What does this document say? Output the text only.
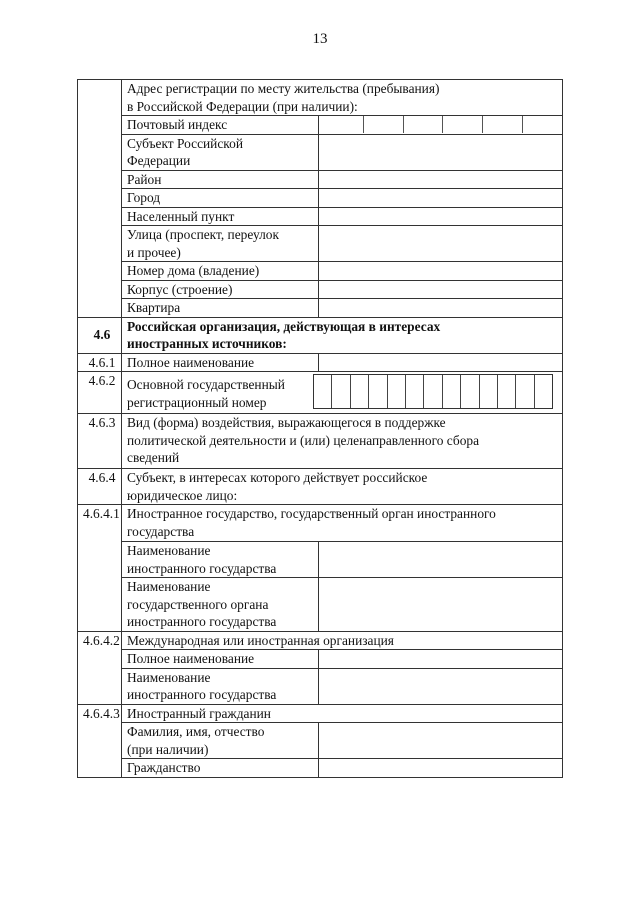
13

	Адрес регистрации по месту жительства (пребывания)
в Российской Федерации (при наличии):	

	Почтовый индекс	

	Субъект Российской
Федерации	

	Район	
	Город	
	Населенный пункт	

	Улица (проспект, переулок
и прочее)	

	Номер дома (владение)	
	Корпус (строение)	
	Квартира	
4.6	Российская организация, действующая в интересах
иностранных источников:	

4.6.1	Полное наименование	
4.6.2	Основной государственный
регистрационный номер	

4.6.3	Вид (форма) воздействия, выражающегося в поддержке
политической деятельности и (или) целенаправленного сбора
сведений	

4.6.4	Субъект, в интересах которого действует российское
юридическое лицо:	

4.6.4.1	Иностранное государство, государственный орган иностранного
государства	

	Наименование
иностранного государства	

	Наименование
государственного органа
иностранного государства	

4.6.4.2	Международная или иностранная организация	
	Полное наименование	

	Наименование
иностранного государства	

4.6.4.3	Иностранный гражданин	

	Фамилия, имя, отчество
(при наличии)	

	Гражданство	
